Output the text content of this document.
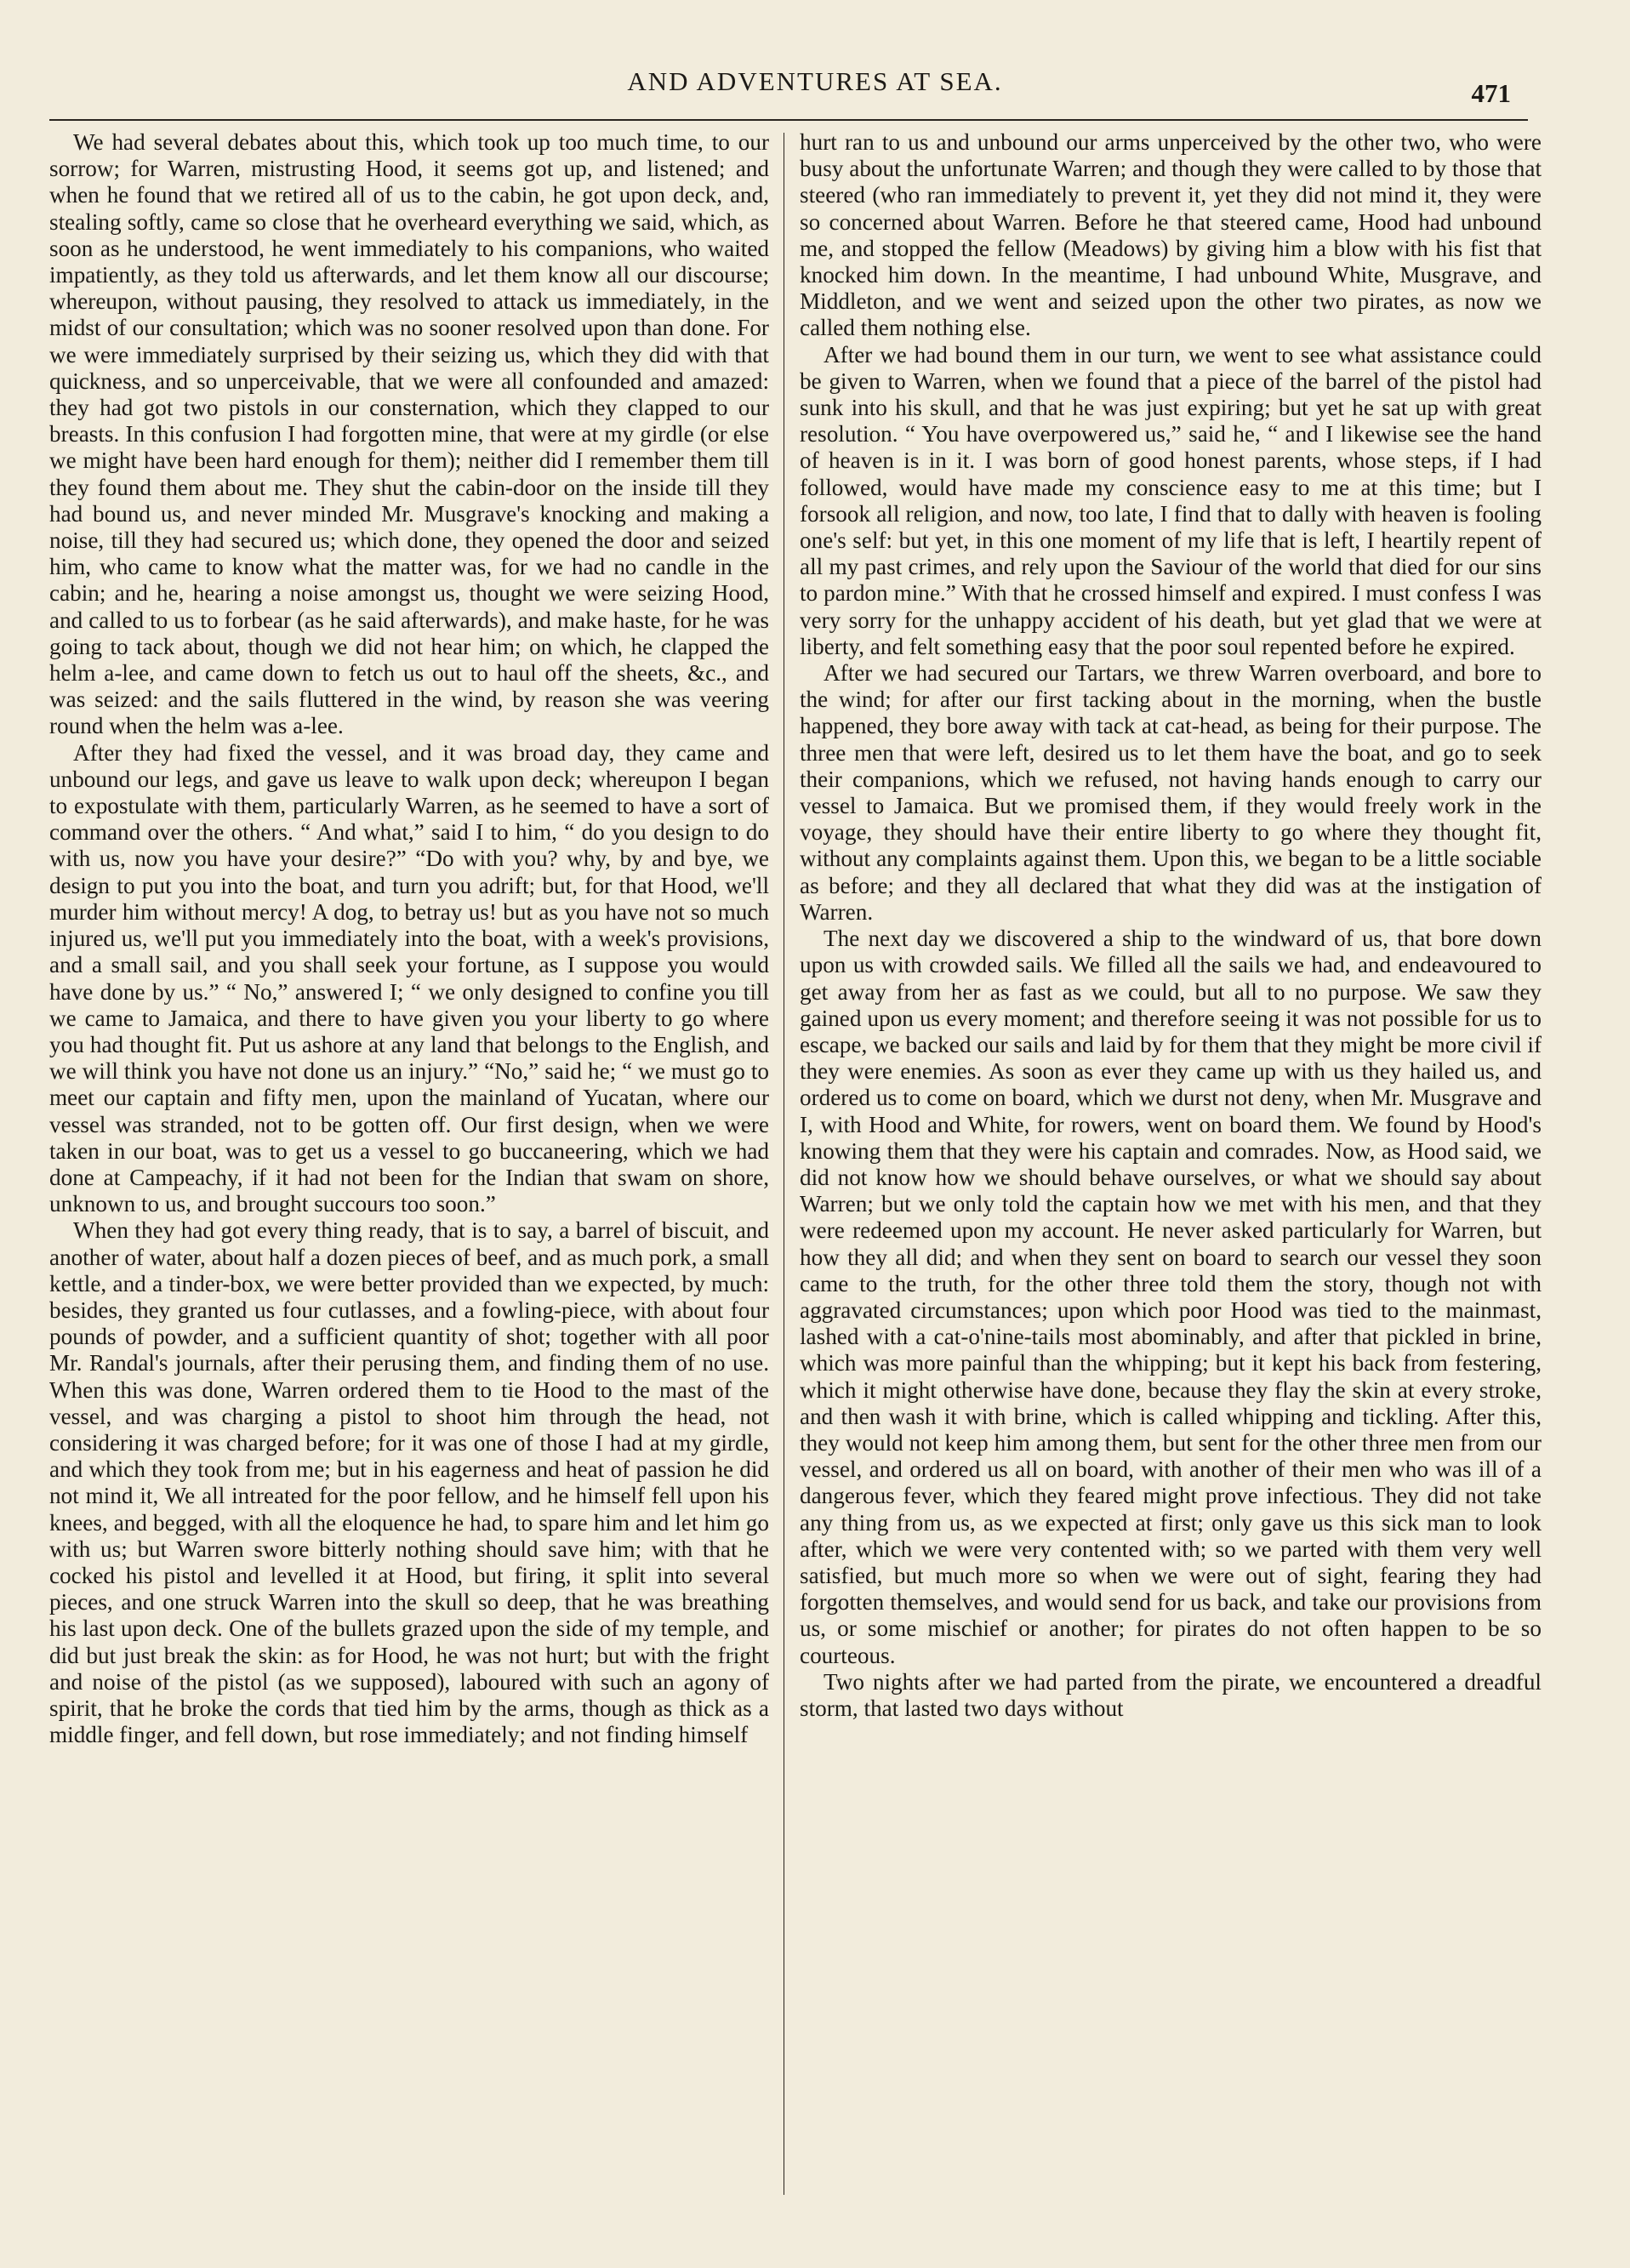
AND ADVENTURES AT SEA.	471

We had several debates about this, which took up too much time, to our sorrow; for Warren, mistrusting Hood, it seems got up, and listened; and when he found that we retired all of us to the cabin, he got upon deck, and, stealing softly, came so close that he overheard everything we said, which, as soon as he understood, he went immediately to his companions, who waited impatiently, as they told us afterwards, and let them know all our discourse; whereupon, without pausing, they resolved to attack us immediately, in the midst of our consultation; which was no sooner resolved upon than done. For we were immediately surprised by their seizing us, which they did with that quickness, and so unperceivable, that we were all confounded and amazed: they had got two pistols in our consternation, which they clapped to our breasts. In this confusion I had forgotten mine, that were at my girdle (or else we might have been hard enough for them); neither did I remember them till they found them about me. They shut the cabin-door on the inside till they had bound us, and never minded Mr. Musgrave's knocking and making a noise, till they had secured us; which done, they opened the door and seized him, who came to know what the matter was, for we had no candle in the cabin; and he, hearing a noise amongst us, thought we were seizing Hood, and called to us to forbear (as he said afterwards), and make haste, for he was going to tack about, though we did not hear him; on which, he clapped the helm a-lee, and came down to fetch us out to haul off the sheets, &c., and was seized: and the sails fluttered in the wind, by reason she was veering round when the helm was a-lee.

After they had fixed the vessel, and it was broad day, they came and unbound our legs, and gave us leave to walk upon deck; whereupon I began to expostulate with them, particularly Warren, as he seemed to have a sort of command over the others. “ And what,” said I to him, “ do you design to do with us, now you have your desire?” “Do with you? why, by and bye, we design to put you into the boat, and turn you adrift; but, for that Hood, we'll murder him without mercy! A dog, to betray us! but as you have not so much injured us, we'll put you immediately into the boat, with a week's provisions, and a small sail, and you shall seek your fortune, as I suppose you would have done by us.” “ No,” answered I; “ we only designed to confine you till we came to Jamaica, and there to have given you your liberty to go where you had thought fit. Put us ashore at any land that belongs to the English, and we will think you have not done us an injury.” “No,” said he; “ we must go to meet our captain and fifty men, upon the mainland of Yucatan, where our vessel was stranded, not to be gotten off. Our first design, when we were taken in our boat, was to get us a vessel to go buccaneering, which we had done at Campeachy, if it had not been for the Indian that swam on shore, unknown to us, and brought succours too soon.”

When they had got every thing ready, that is to say, a barrel of biscuit, and another of water, about half a dozen pieces of beef, and as much pork, a small kettle, and a tinder-box, we were better provided than we expected, by much: besides, they granted us four cutlasses, and a fowling-piece, with about four pounds of powder, and a sufficient quantity of shot; together with all poor Mr. Randal's journals, after their perusing them, and finding them of no use. When this was done, Warren ordered them to tie Hood to the mast of the vessel, and was charging a pistol to shoot him through the head, not considering it was charged before; for it was one of those I had at my girdle, and which they took from me; but in his eagerness and heat of passion he did not mind it, We all intreated for the poor fellow, and he himself fell upon his knees, and begged, with all the eloquence he had, to spare him and let him go with us; but Warren swore bitterly nothing should save him; with that he cocked his pistol and levelled it at Hood, but firing, it split into several pieces, and one struck Warren into the skull so deep, that he was breathing his last upon deck. One of the bullets grazed upon the side of my temple, and did but just break the skin: as for Hood, he was not hurt; but with the fright and noise of the pistol (as we supposed), laboured with such an agony of spirit, that he broke the cords that tied him by the arms, though as thick as a middle finger, and fell down, but rose immediately; and not finding himself

hurt ran to us and unbound our arms unperceived by the other two, who were busy about the unfortunate Warren; and though they were called to by those that steered (who ran immediately to prevent it, yet they did not mind it, they were so concerned about Warren. Before he that steered came, Hood had unbound me, and stopped the fellow (Meadows) by giving him a blow with his fist that knocked him down. In the meantime, I had unbound White, Musgrave, and Middleton, and we went and seized upon the other two pirates, as now we called them nothing else.

After we had bound them in our turn, we went to see what assistance could be given to Warren, when we found that a piece of the barrel of the pistol had sunk into his skull, and that he was just expiring; but yet he sat up with great resolution. “ You have overpowered us,” said he, “ and I likewise see the hand of heaven is in it. I was born of good honest parents, whose steps, if I had followed, would have made my conscience easy to me at this time; but I forsook all religion, and now, too late, I find that to dally with heaven is fooling one's self: but yet, in this one moment of my life that is left, I heartily repent of all my past crimes, and rely upon the Saviour of the world that died for our sins to pardon mine.” With that he crossed himself and expired. I must confess I was very sorry for the unhappy accident of his death, but yet glad that we were at liberty, and felt something easy that the poor soul repented before he expired.

After we had secured our Tartars, we threw Warren overboard, and bore to the wind; for after our first tacking about in the morning, when the bustle happened, they bore away with tack at cat-head, as being for their purpose. The three men that were left, desired us to let them have the boat, and go to seek their companions, which we refused, not having hands enough to carry our vessel to Jamaica. But we promised them, if they would freely work in the voyage, they should have their entire liberty to go where they thought fit, without any complaints against them. Upon this, we began to be a little sociable as before; and they all declared that what they did was at the instigation of Warren.

The next day we discovered a ship to the windward of us, that bore down upon us with crowded sails. We filled all the sails we had, and endeavoured to get away from her as fast as we could, but all to no purpose. We saw they gained upon us every moment; and therefore seeing it was not possible for us to escape, we backed our sails and laid by for them that they might be more civil if they were enemies. As soon as ever they came up with us they hailed us, and ordered us to come on board, which we durst not deny, when Mr. Musgrave and I, with Hood and White, for rowers, went on board them. We found by Hood's knowing them that they were his captain and comrades. Now, as Hood said, we did not know how we should behave ourselves, or what we should say about Warren; but we only told the captain how we met with his men, and that they were redeemed upon my account. He never asked particularly for Warren, but how they all did; and when they sent on board to search our vessel they soon came to the truth, for the other three told them the story, though not with aggravated circumstances; upon which poor Hood was tied to the mainmast, lashed with a cat-o'nine-tails most abominably, and after that pickled in brine, which was more painful than the whipping; but it kept his back from festering, which it might otherwise have done, because they flay the skin at every stroke, and then wash it with brine, which is called whipping and tickling. After this, they would not keep him among them, but sent for the other three men from our vessel, and ordered us all on board, with another of their men who was ill of a dangerous fever, which they feared might prove infectious. They did not take any thing from us, as we expected at first; only gave us this sick man to look after, which we were very contented with; so we parted with them very well satisfied, but much more so when we were out of sight, fearing they had forgotten themselves, and would send for us back, and take our provisions from us, or some mischief or another; for pirates do not often happen to be so courteous.

Two nights after we had parted from the pirate, we encountered a dreadful storm, that lasted two days without
